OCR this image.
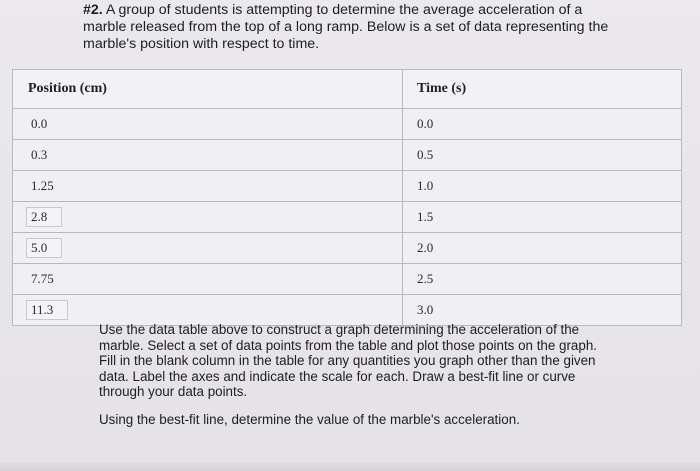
#2. A group of students is attempting to determine the average acceleration of a marble released from the top of a long ramp. Below is a set of data representing the marble's position with respect to time.
Position (cm)	Time (s)
0.0	0.0
0.3	0.5
1.25	1.0
2.8	1.5
5.0	2.0
7.75	2.5
11.3	3.0

Use the data table above to construct a graph determining the acceleration of the marble. Select a set of data points from the table and plot those points on the graph. Fill in the blank column in the table for any quantities you graph other than the given data. Label the axes and indicate the scale for each. Draw a best-fit line or curve through your data points.

Using the best-fit line, determine the value of the marble's acceleration.
